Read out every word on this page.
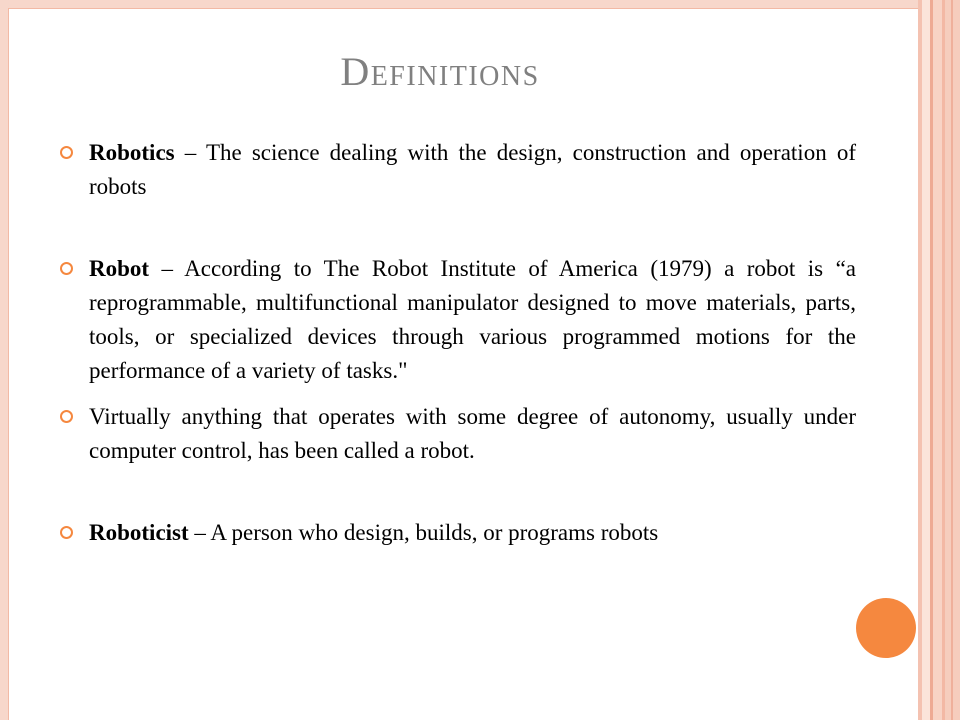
Definitions
Robotics – The science dealing with the design, construction and operation of robots
Robot – According to The Robot Institute of America (1979) a robot is “a reprogrammable, multifunctional manipulator designed to move materials, parts, tools, or specialized devices through various programmed motions for the performance of a variety of tasks."
Virtually anything that operates with some degree of autonomy, usually under computer control, has been called a robot.
Roboticist – A person who design, builds, or programs robots
